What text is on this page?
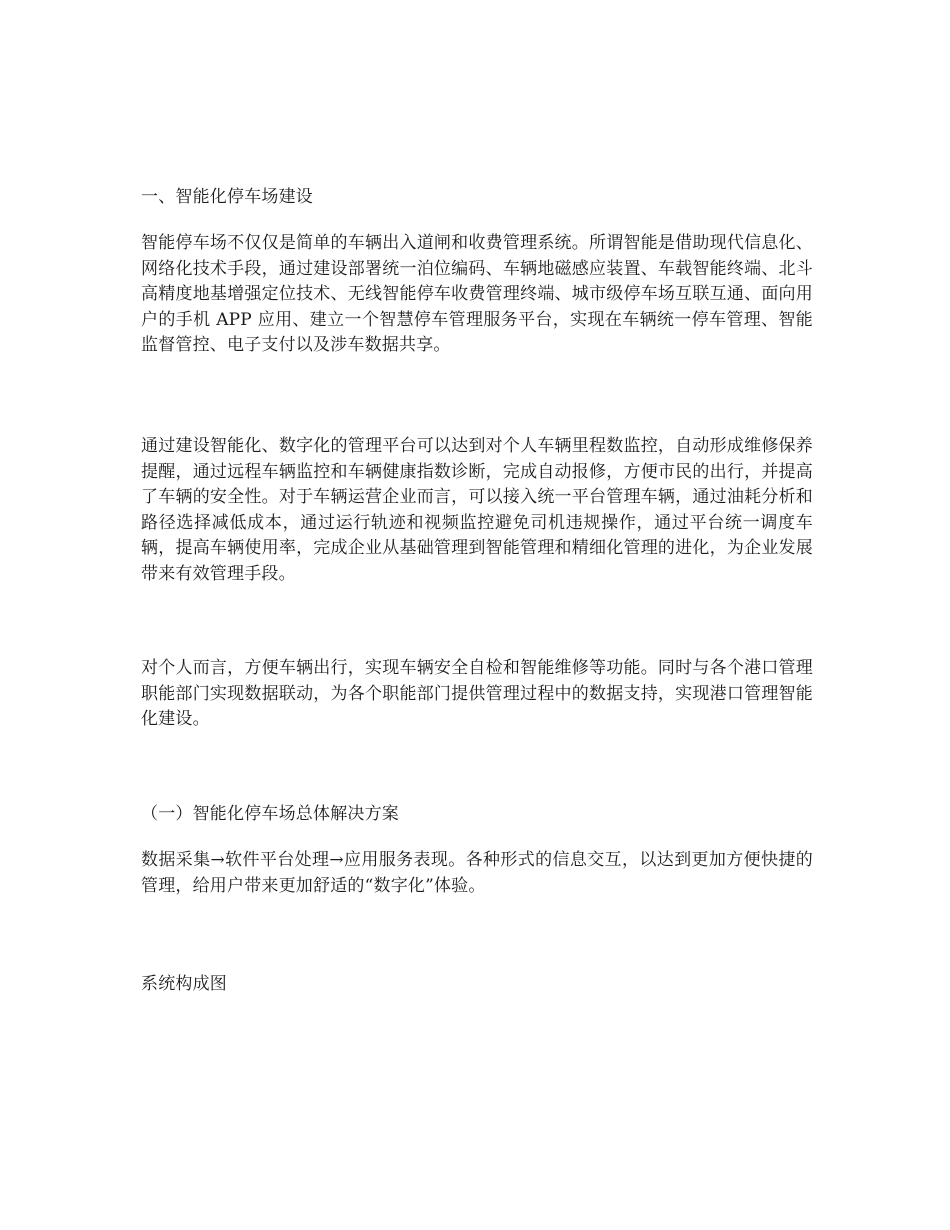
一、智能化停车场建设

智能停车场不仅仅是简单的车辆出入道闸和收费管理系统。所谓智能是借助现代信息化、网络化技术手段，通过建设部署统一泊位编码、车辆地磁感应装置、车载智能终端、北斗高精度地基增强定位技术、无线智能停车收费管理终端、城市级停车场互联互通、面向用户的手机 APP 应用、建立一个智慧停车管理服务平台，实现在车辆统一停车管理、智能监督管控、电子支付以及涉车数据共享。

通过建设智能化、数字化的管理平台可以达到对个人车辆里程数监控，自动形成维修保养提醒，通过远程车辆监控和车辆健康指数诊断，完成自动报修，方便市民的出行，并提高了车辆的安全性。对于车辆运营企业而言，可以接入统一平台管理车辆，通过油耗分析和路径选择减低成本，通过运行轨迹和视频监控避免司机违规操作，通过平台统一调度车辆，提高车辆使用率，完成企业从基础管理到智能管理和精细化管理的进化，为企业发展带来有效管理手段。

对个人而言，方便车辆出行，实现车辆安全自检和智能维修等功能。同时与各个港口管理职能部门实现数据联动，为各个职能部门提供管理过程中的数据支持，实现港口管理智能化建设。

（一）智能化停车场总体解决方案

数据采集→软件平台处理→应用服务表现。各种形式的信息交互，以达到更加方便快捷的管理，给用户带来更加舒适的“数字化”体验。

系统构成图
